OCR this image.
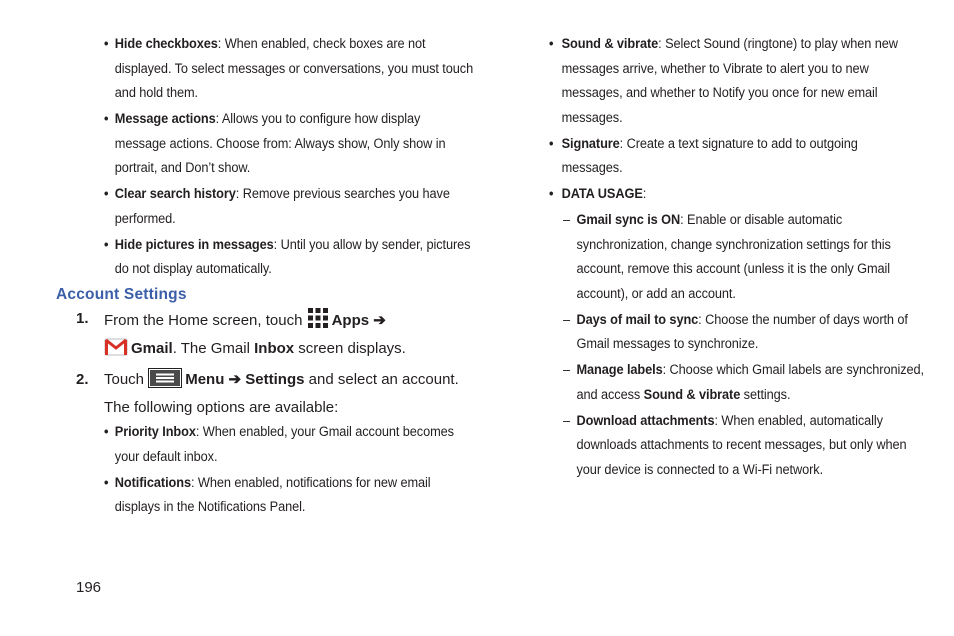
• Hide checkboxes: When enabled, check boxes are not displayed. To select messages or conversations, you must touch and hold them.
• Message actions: Allows you to configure how display message actions. Choose from: Always show, Only show in portrait, and Don’t show.
• Clear search history: Remove previous searches you have performed.
• Hide pictures in messages: Until you allow by sender, pictures do not display automatically.
Account Settings
1. From the Home screen, touch Apps ➔
Gmail. The Gmail Inbox screen displays.
2. Touch	Menu ➔ Settings and select an account.
The following options are available:
• Priority Inbox: When enabled, your Gmail account becomes your default inbox.
• Notifications: When enabled, notifications for new email displays in the Notifications Panel.
• Sound & vibrate: Select Sound (ringtone) to play when new messages arrive, whether to Vibrate to alert you to new messages, and whether to Notify you once for new email messages.
• Signature: Create a text signature to add to outgoing messages.
• DATA USAGE:
– Gmail sync is ON: Enable or disable automatic synchronization, change synchronization settings for this account, remove this account (unless it is the only Gmail account), or add an account.
– Days of mail to sync: Choose the number of days worth of Gmail messages to synchronize.
– Manage labels: Choose which Gmail labels are synchronized, and access Sound & vibrate settings.
– Download attachments: When enabled, automatically downloads attachments to recent messages, but only when your device is connected to a Wi-Fi network.
196
